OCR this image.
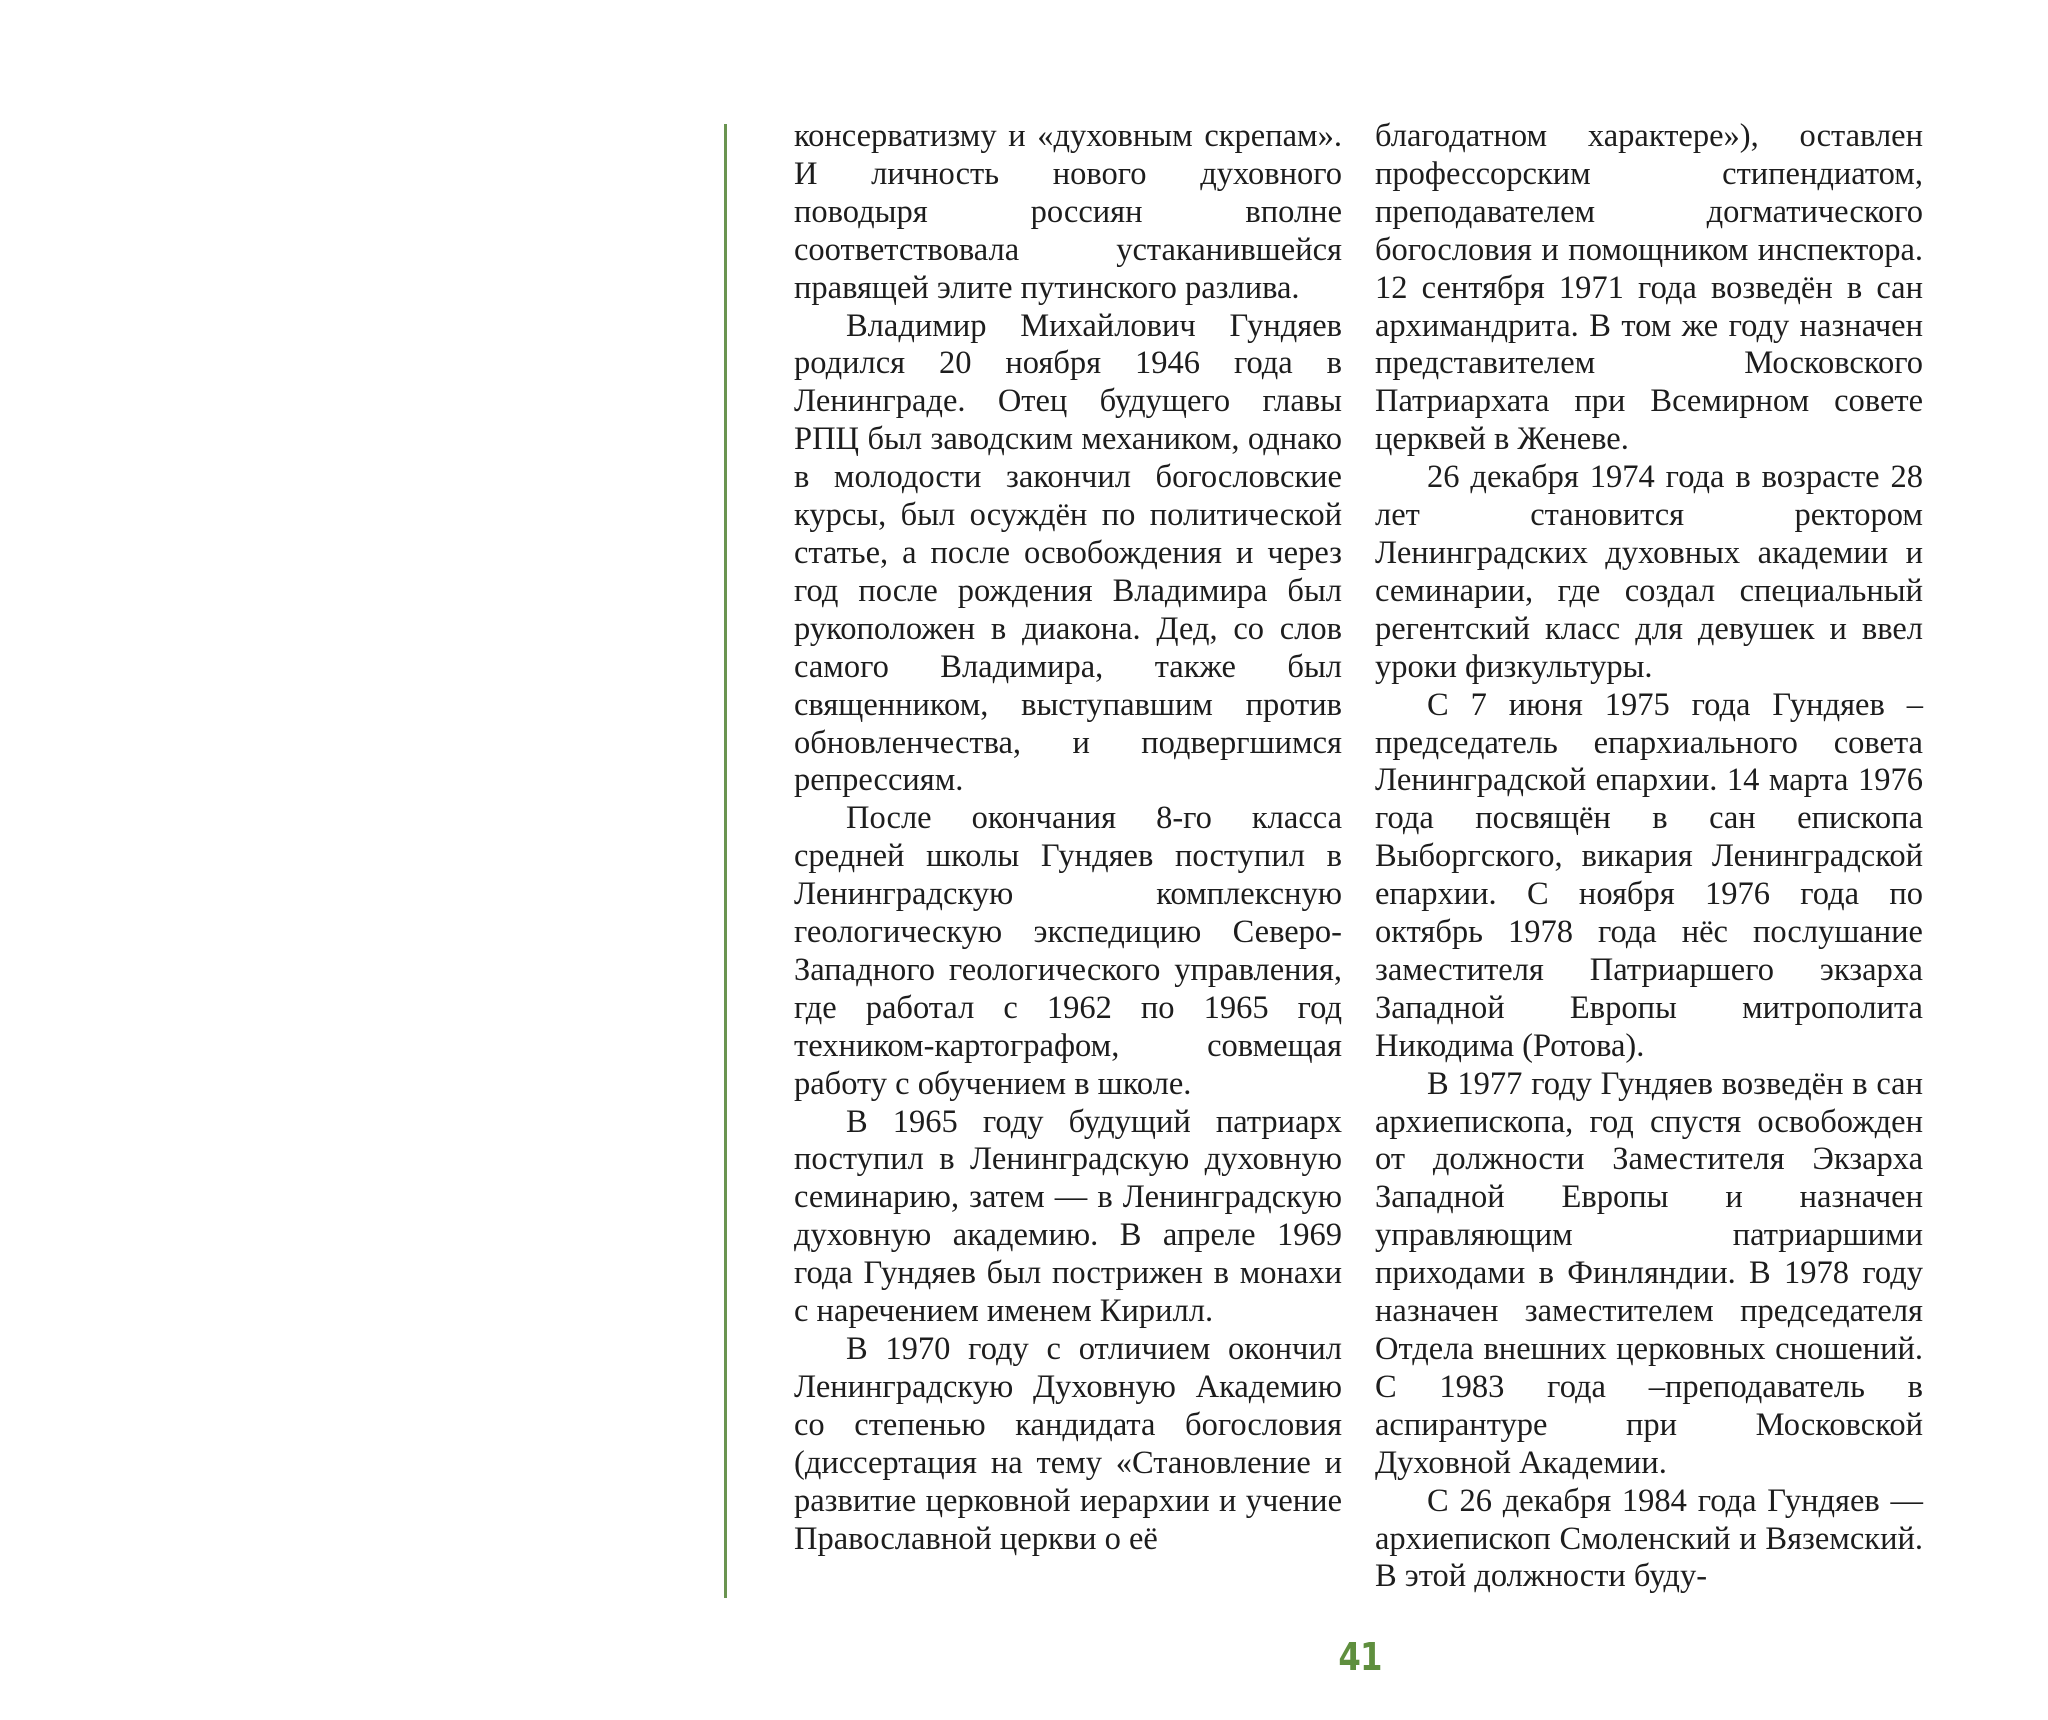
консерватизму и «духовным скрепам». И личность нового духовного поводыря россиян вполне соответствовала устаканившейся правящей элите путинского разлива.

Владимир Михайлович Гундяев родился 20 ноября 1946 года в Ленинграде. Отец будущего главы РПЦ был заводским механиком, однако в молодости закончил богословские курсы, был осуждён по политической статье, а после освобождения и через год после рождения Владимира был рукоположен в диакона. Дед, со слов самого Владимира, также был священником, выступавшим против обновленчества, и подвергшимся репрессиям.

После окончания 8-го класса средней школы Гундяев поступил в Ленинградскую комплексную геологическую экспедицию Северо-Западного геологического управления, где работал с 1962 по 1965 год техником-картографом, совмещая работу с обучением в школе.

В 1965 году будущий патриарх поступил в Ленинградскую духовную семинарию, затем — в Ленинградскую духовную академию. В апреле 1969 года Гундяев был пострижен в монахи с наречением именем Кирилл.

В 1970 году с отличием окончил Ленинградскую Духовную Академию со степенью кандидата богословия (диссертация на тему «Становление и развитие церковной иерархии и учение Православной церкви о её

благодатном характере»), оставлен профессорским стипендиатом, преподавателем догматического богословия и помощником инспектора. 12 сентября 1971 года возведён в сан архимандрита. В том же году назначен представителем Московского Патриархата при Всемирном совете церквей в Женеве.

26 декабря 1974 года в возрасте 28 лет становится ректором Ленинградских духовных академии и семинарии, где создал специальный регентский класс для девушек и ввел уроки физкультуры.

С 7 июня 1975 года Гундяев – председатель епархиального совета Ленинградской епархии. 14 марта 1976 года посвящён в сан епископа Выборгского, викария Ленинградской епархии. С ноября 1976 года по октябрь 1978 года нёс послушание заместителя Патриаршего экзарха Западной Европы митрополита Никодима (Ротова).

В 1977 году Гундяев возведён в сан архиепископа, год спустя освобожден от должности Заместителя Экзарха Западной Европы и назначен управляющим патриаршими приходами в Финляндии. В 1978 году назначен заместителем председателя Отдела внешних церковных сношений. С 1983 года –преподаватель в аспирантуре при Московской Духовной Академии.

С 26 декабря 1984 года Гундяев — архиепископ Смоленский и Вяземский. В этой должности буду-

41
